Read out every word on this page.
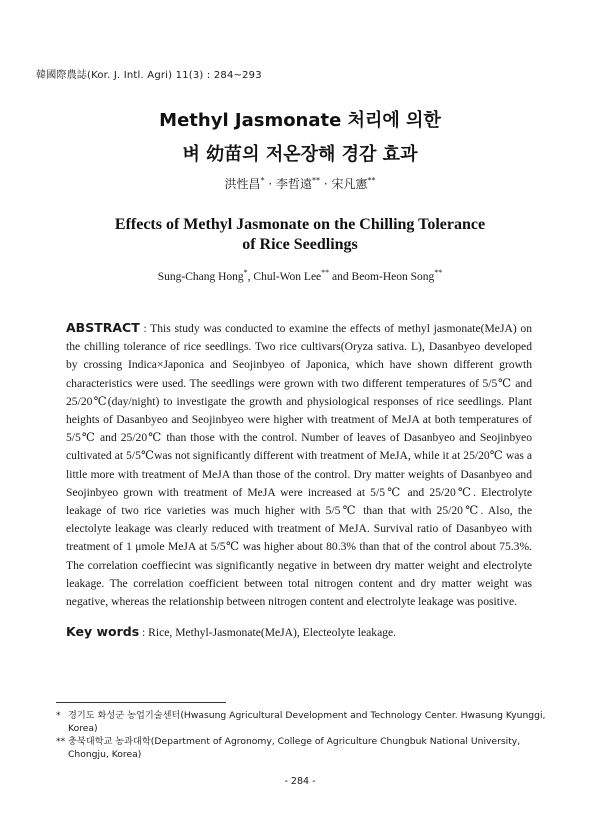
韓國際農誌(Kor. J. Intl. Agri) 11(3) : 284~293
Methyl Jasmonate 처리에 의한
벼 幼苗의 저온장해 경감 효과
洪性昌* · 李哲遠** · 宋凡憲**
Effects of Methyl Jasmonate on the Chilling Tolerance
of Rice Seedlings
Sung-Chang Hong*, Chul-Won Lee** and Beom-Heon Song**
ABSTRACT : This study was conducted to examine the effects of methyl jasmonate(MeJA) on the chilling tolerance of rice seedlings. Two rice cultivars(Oryza sativa. L), Dasanbyeo developed by crossing Indica×Japonica and Seojinbyeo of Japonica, which have shown different growth characteristics were used. The seedlings were grown with two different temperatures of 5/5℃ and 25/20℃(day/night) to investigate the growth and physiological responses of rice seedlings. Plant heights of Dasanbyeo and Seojinbyeo were higher with treatment of MeJA at both temperatures of 5/5℃ and 25/20℃ than those with the control. Number of leaves of Dasanbyeo and Seojinbyeo cultivated at 5/5℃was not significantly different with treatment of MeJA, while it at 25/20℃ was a little more with treatment of MeJA than those of the control. Dry matter weights of Dasanbyeo and Seojinbyeo grown with treatment of MeJA were increased at 5/5℃ and 25/20℃. Electrolyte leakage of two rice varieties was much higher with 5/5℃ than that with 25/20℃. Also, the electolyte leakage was clearly reduced with treatment of MeJA. Survival ratio of Dasanbyeo with treatment of 1 μmole MeJA at 5/5℃ was higher about 80.3% than that of the control about 75.3%. The correlation coeffiecint was significantly negative in between dry matter weight and electrolyte leakage. The correlation coefficient between total nitrogen content and dry matter weight was negative, whereas the relationship between nitrogen content and electrolyte leakage was positive.
Key words : Rice, Methyl-Jasmonate(MeJA), Electeolyte leakage.
* 경기도 화성군 농업기술센터(Hwasung Agricultural Development and Technology Center. Hwasung Kyunggi, Korea)
** 충북대학교 농과대학(Department of Agronomy, College of Agriculture Chungbuk National University, Chongju, Korea)
- 284 -
